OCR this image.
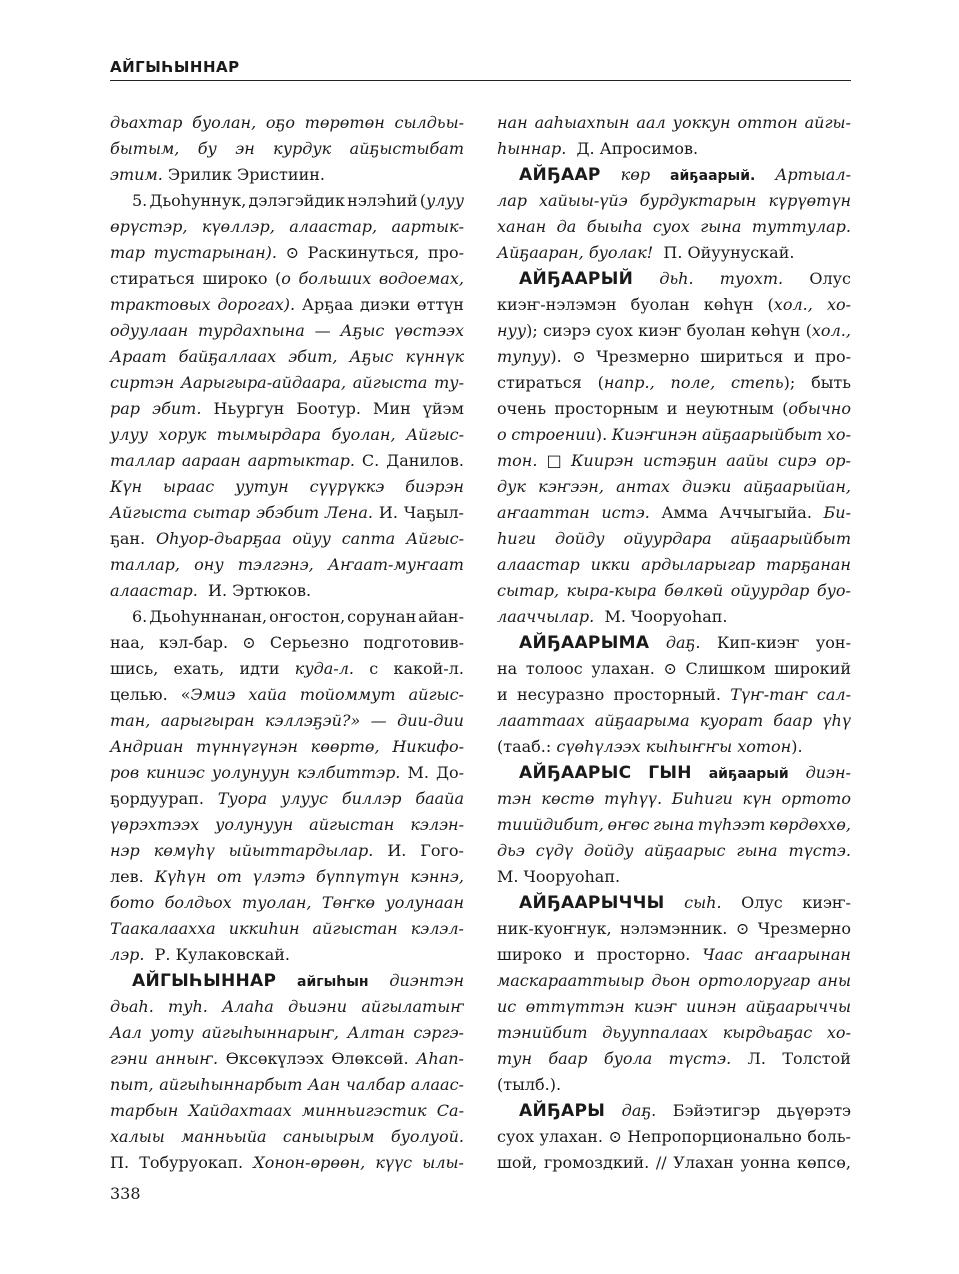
АЙГЫҺЫННАР
дьахтар буолан, оҕо төрөтөн сылдьы-
бытым, бу эн курдук айҕыстыбат
этим. Эрилик Эристиин.
5. Дьоһуннук, дэлэгэйдик нэлэһий (улуу
өрүстэр, күөллэр, алаастар, аартык-
тар тустарынан). ⊙ Раскинуться, про-
стираться широко (о больших водоемах,
трактовых дорогах). Арҕаа диэки өттүн
одуулаан турдахпына — Аҕыс үөстээх
Араат байҕаллаах эбит, Аҕыс күннүк
сиртэн Аарыгыра-айдаара, айгыста ту-
рар эбит. Ньургун Боотур. Мин үйэм
улуу хорук тымырдара буолан, Айгыс-
таллар аараан аартыктар. С. Данилов.
Күн ыраас уутун сүүрүккэ биэрэн
Айгыста сытар эбэбит Лена. И. Чаҕыл-
ҕан. Оһуор-дьарҕаа ойуу сапта Айгыс-
таллар, ону тэлгэнэ, Аҥаат-муҥаат
алаастар. И. Эртюков.
6. Дьоһуннанан, оҥостон, сорунан айан-
наа, кэл-бар. ⊙ Серьезно подготовив-
шись, ехать, идти куда-л. с какой-л.
целью. «Эмиэ хайа тойоммут айгыс-
тан, аарыгыран кэллэҕэй?» — дии-дии
Андриан түннүгүнэн көөртө, Никифо-
ров киниэс уолунуун кэлбиттэр. М. До-
ҕордуурап. Туора улуус биллэр баайа
үөрэхтээх уолунуун айгыстан кэлэн-
нэр көмүһү ыйыттардылар. И. Гого-
лев. Күһүн от үлэтэ бүппүтүн кэннэ,
бото болдьох туолан, Төҥкө уолунаан
Таакалаахха иккиһин айгыстан кэлэл-
лэр. Р. Кулаковскай.
АЙГЫҺЫННАР айгыһын диэнтэн
дьаһ. туһ. Алаһа дьиэни айгылатыҥ
Аал уоту айгыһыннарыҥ, Алтан сэргэ-
гэни анныҥ. Өксөкүлээх Өлөксөй. Аһап-
пыт, айгыһыннарбыт Аан чалбар алаас-
тарбын Хайдахтаах минньигэстик Са-
халыы манньыйа саныырым буолуой.
П. Тобуруокап. Хонон-өрөөн, күүс ылы-
нан ааһыахпын аал уоккун оттон айгы-
һыннар. Д. Апросимов.
АЙҔААР көр айҕаарый. Артыал-
лар хайыы-үйэ бурдуктарын күрүөтүн
ханан да быыһа суох гына туттулар.
Айҕааран, буолак! П. Ойуунускай.
АЙҔААРЫЙ дьһ. туохт. Олус
киэҥ-нэлэмэн буолан көһүн (хол., хо-
нуу); сиэрэ суох киэҥ буолан көһүн (хол.,
тупуу). ⊙ Чрезмерно шириться и про-
стираться (напр., поле, степь); быть
очень просторным и неуютным (обычно
о строении). Киэҥинэн айҕаарыйбыт хо-
тон. □ Киирэн истэҕин аайы сирэ ор-
дук кэҥээн, антах диэки айҕаарыйан,
аҥааттан истэ. Амма Аччыгыйа. Би-
һиги дойду ойуурдара айҕаарыйбыт
алаастар икки ардыларыгар тарҕанан
сытар, кыра-кыра бөлкөй ойуурдар буо-
лааччылар. М. Чооруоһап.
АЙҔААРЫМА даҕ. Кип-киэҥ уон-
на толоос улахан. ⊙ Слишком широкий
и несуразно просторный. Түҥ-таҥ сал-
лааттаах айҕаарыма куорат баар үһү
(тааб.: сүөһүлээх кыһыҥҥы хотон ).
АЙҔААРЫС ГЫН айҕаарый диэн-
тэн көстө түһүү. Биһиги күн ортото
тиийдибит, өҥөс гына түһээт көрдөххө,
дьэ сүдү дойду айҕаарыс гына түстэ.
М. Чооруоһап.
АЙҔААРЫЧЧЫ сыһ. Олус киэҥ-
ник-куоҥнук, нэлэмэнник. ⊙ Чрезмерно
широко и просторно. Чаас аҥаарынан
маскарааттыыр дьон ортолоругар аны
ис өттүттэн киэҥ иинэн айҕаарыччы
тэнийбит дьууппалаах кырдьаҕас хо-
тун баар буола түстэ. Л. Толстой
(тылб.).
АЙҔАРЫ даҕ. Бэйэтигэр дьүөрэтэ
суох улахан. ⊙ Непропорционально боль-
шой, громоздкий. // Улахан уонна көпсө,
338
